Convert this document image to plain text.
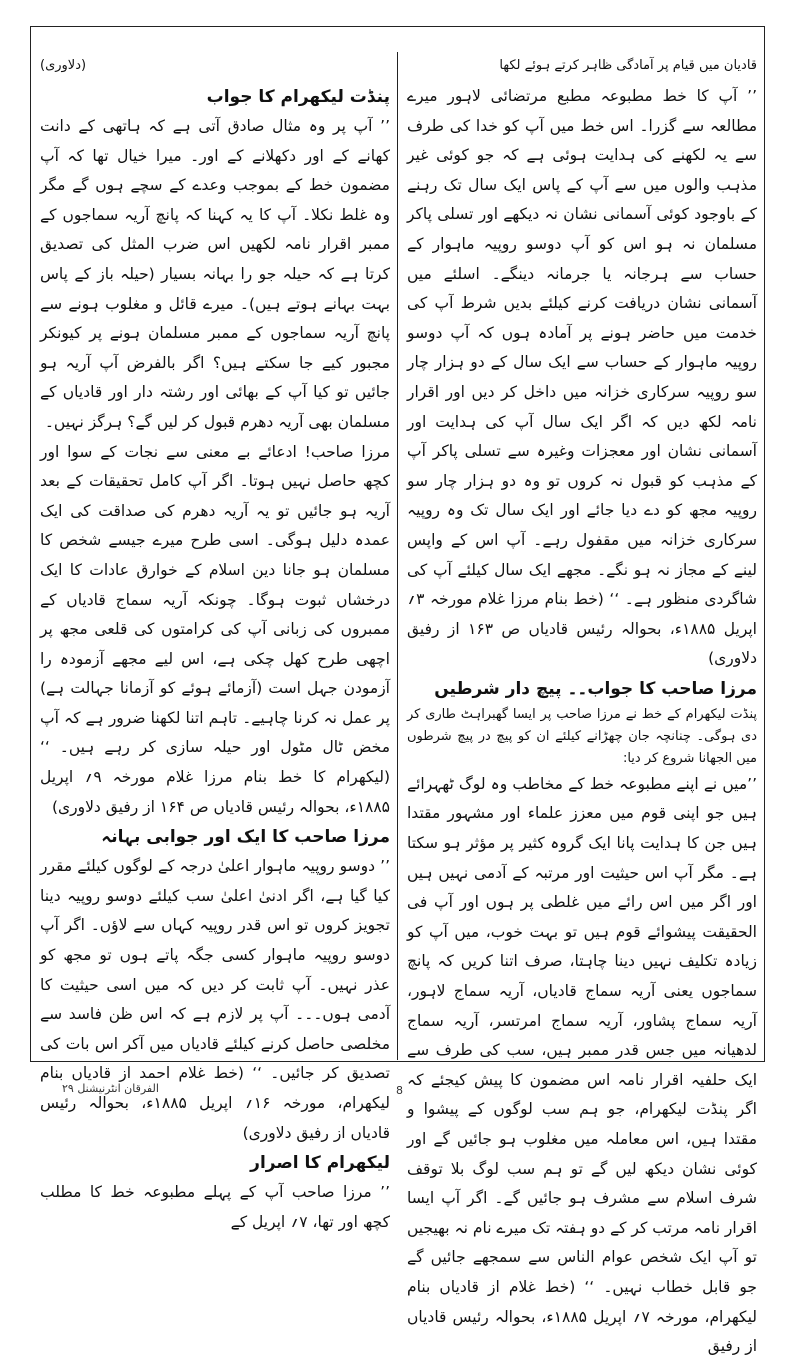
قادیان میں قیام پر آمادگی ظاہر کرتے ہوئے لکھا

’’ آپ کا خط مطبوعہ مطبع مرتضائی لاہور میرے مطالعہ سے گزرا۔ اس خط میں آپ کو خدا کی طرف سے یہ لکھنے کی ہدایت ہوئی ہے کہ جو کوئی غیر مذہب والوں میں سے آپ کے پاس ایک سال تک رہنے کے باوجود کوئی آسمانی نشان نہ دیکھے اور تسلی پاکر مسلمان نہ ہو اس کو آپ دوسو روپیہ ماہوار کے حساب سے ہرجانہ یا جرمانہ دینگے۔ اسلئے میں آسمانی نشان دریافت کرنے کیلئے بدیں شرط آپ کی خدمت میں حاضر ہونے پر آمادہ ہوں کہ آپ دوسو روپیہ ماہوار کے حساب سے ایک سال کے دو ہزار چار سو روپیہ سرکاری خزانہ میں داخل کر دیں اور اقرار نامہ لکھ دیں کہ اگر ایک سال آپ کی ہدایت اور آسمانی نشان اور معجزات وغیرہ سے تسلی پاکر آپ کے مذہب کو قبول نہ کروں تو وہ دو ہزار چار سو روپیہ مجھ کو دے دیا جائے اور ایک سال تک وہ روپیہ سرکاری خزانہ میں مقفول رہے۔ آپ اس کے واپس لینے کے مجاز نہ ہو نگے۔ مجھے ایک سال کیلئے آپ کی شاگردی منظور ہے۔ ‘‘ (خط بنام مرزا غلام مورخہ ۳؍ اپریل ۱۸۸۵ء، بحوالہ رئیس قادیاں ص ۱۶۳ از رفیق دلاوری)

مرزا صاحب کا جواب۔۔ پیچ دار شرطیں

پنڈت لیکھرام کے خط نے مرزا صاحب پر ایسا گھبراہٹ طاری کر دی ہوگی۔ چنانچہ جان چھڑانے کیلئے ان کو پیچ در پیچ شرطوں میں الجھانا شروع کر دیا:

’’میں نے اپنے مطبوعہ خط کے مخاطب وہ لوگ ٹھہرائے ہیں جو اپنی قوم میں معزز علماء اور مشہور مقتدا ہیں جن کا ہدایت پانا ایک گروہ کثیر پر مؤثر ہو سکتا ہے۔ مگر آپ اس حیثیت اور مرتبہ کے آدمی نہیں ہیں اور اگر میں اس رائے میں غلطی پر ہوں اور آپ فی الحقیقت پیشوائے قوم ہیں تو بہت خوب، میں آپ کو زیادہ تکلیف نہیں دینا چاہتا، صرف اتنا کریں کہ پانچ سماجوں یعنی آریہ سماج قادیاں، آریہ سماج لاہور، آریہ سماج پشاور، آریہ سماج امرتسر، آریہ سماج لدھیانہ میں جس قدر ممبر ہیں، سب کی طرف سے ایک حلفیہ اقرار نامہ اس مضمون کا پیش کیجئے کہ اگر پنڈت لیکھرام، جو ہم سب لوگوں کے پیشوا و مقتدا ہیں، اس معاملہ میں مغلوب ہو جائیں گے اور کوئی نشان دیکھ لیں گے تو ہم سب لوگ بلا توقف شرف اسلام سے مشرف ہو جائیں گے۔ اگر آپ ایسا اقرار نامہ مرتب کر کے دو ہفتہ تک میرے نام نہ بھیجیں تو آپ ایک شخص عوام الناس سے سمجھے جائیں گے جو قابل خطاب نہیں۔ ‘‘ (خط غلام از قادیاں بنام لیکھرام، مورخہ ۷؍ اپریل ۱۸۸۵ء، بحوالہ رئیس قادیاں از رفیق

(دلاوری)
پنڈت لیکھرام کا جواب

’’ آپ پر وہ مثال صادق آتی ہے کہ ہاتھی کے دانت کھانے کے اور دکھلانے کے اور۔ میرا خیال تھا کہ آپ مضمون خط کے بموجب وعدے کے سچے ہوں گے مگر وہ غلط نکلا۔ آپ کا یہ کہنا کہ پانچ آریہ سماجوں کے ممبر اقرار نامہ لکھیں اس ضرب المثل کی تصدیق کرتا ہے کہ حیلہ جو را بہانہ بسیار (حیلہ باز کے پاس بہت بہانے ہوتے ہیں)۔ میرے قائل و مغلوب ہونے سے پانچ آریہ سماجوں کے ممبر مسلمان ہونے پر کیونکر مجبور کیے جا سکتے ہیں؟ اگر بالفرض آپ آریہ ہو جائیں تو کیا آپ کے بھائی اور رشتہ دار اور قادیاں کے مسلمان بھی آریہ دھرم قبول کر لیں گے؟ ہرگز نہیں۔

مرزا صاحب! ادعائے بے معنی سے نجات کے سوا اور کچھ حاصل نہیں ہوتا۔ اگر آپ کامل تحقیقات کے بعد آریہ ہو جائیں تو یہ آریہ دھرم کی صداقت کی ایک عمدہ دلیل ہوگی۔ اسی طرح میرے جیسے شخص کا مسلمان ہو جانا دین اسلام کے خوارق عادات کا ایک درخشاں ثبوت ہوگا۔ چونکہ آریہ سماج قادیاں کے ممبروں کی زبانی آپ کی کرامتوں کی قلعی مجھ پر اچھی طرح کھل چکی ہے، اس لیے مجھے آزمودہ را آزمودن جہل است (آزمائے ہوئے کو آزمانا جہالت ہے) پر عمل نہ کرنا چاہیے۔ تاہم اتنا لکھنا ضرور ہے کہ آپ مخض ٹال مٹول اور حیلہ سازی کر رہے ہیں۔ ‘‘ (لیکھرام کا خط بنام مرزا غلام مورخہ ۹؍ اپریل ۱۸۸۵ء، بحوالہ رئیس قادیاں ص ۱۶۴ از رفیق دلاوری)

مرزا صاحب کا ایک اور جوابی بہانہ

’’ دوسو روپیہ ماہوار اعلیٰ درجہ کے لوگوں کیلئے مقرر کیا گیا ہے، اگر ادنیٰ اعلیٰ سب کیلئے دوسو روپیہ دینا تجویز کروں تو اس قدر روپیہ کہاں سے لاؤں۔ اگر آپ دوسو روپیہ ماہوار کسی جگہ پاتے ہوں تو مجھ کو عذر نہیں۔ آپ ثابت کر دیں کہ میں اسی حیثیت کا آدمی ہوں۔۔۔ آپ پر لازم ہے کہ اس ظن فاسد سے مخلصی حاصل کرنے کیلئے قادیاں میں آکر اس بات کی تصدیق کر جائیں۔ ‘‘ (خط غلام احمد از قادیاں بنام لیکھرام، مورخہ ۱۶؍ اپریل ۱۸۸۵ء، بحوالہ رئیس قادیاں از رفیق دلاوری)

لیکھرام کا اصرار

’’ مرزا صاحب آپ کے پہلے مطبوعہ خط کا مطلب کچھ اور تھا، ۷؍ اپریل کے

الفرقان انٹرنیشنل ۲۹	8
